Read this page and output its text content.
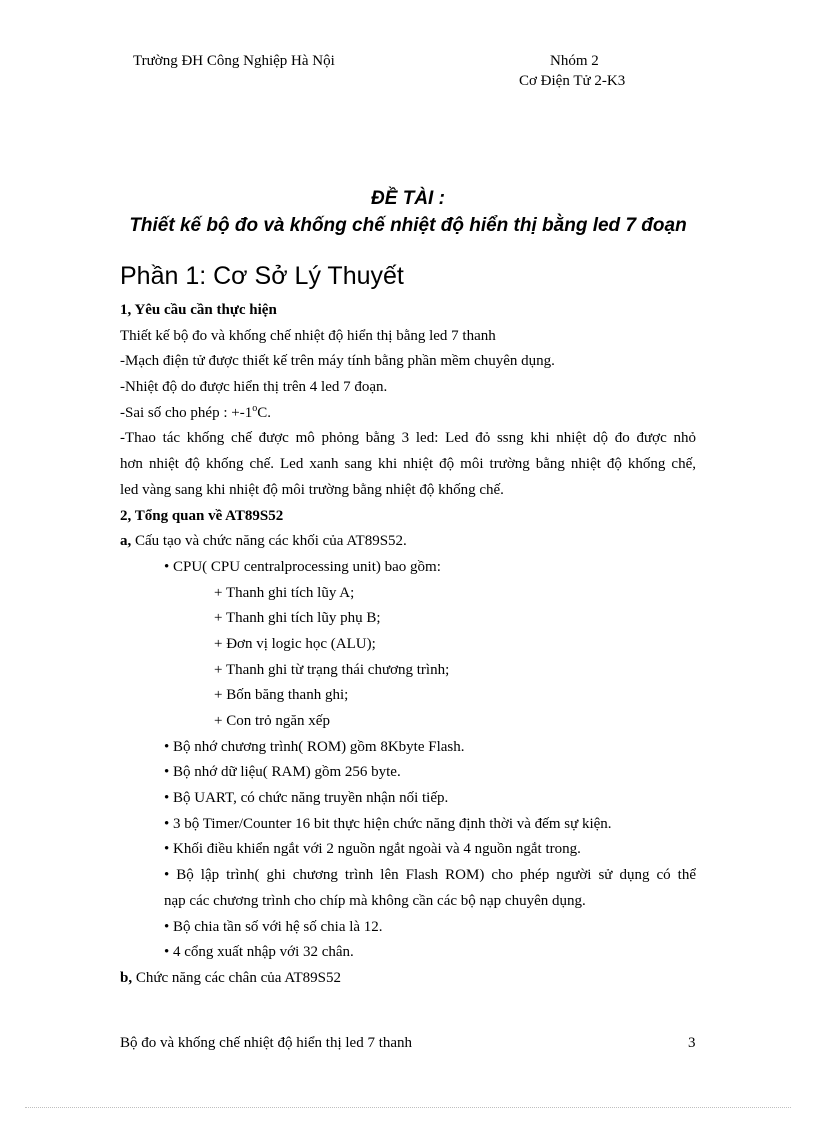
Trường ĐH Công Nghiệp Hà Nội	Nhóm 2
Cơ Điện Tử 2-K3
ĐỀ TÀI :
Thiết kế bộ đo và khống chế nhiệt độ hiển thị bằng led 7 đoạn
Phần 1: Cơ Sở Lý Thuyết
1, Yêu cầu cần thực hiện
Thiết kế bộ đo và khống chế nhiệt độ hiển thị bằng led 7 thanh
-Mạch điện tử được thiết kế trên máy tính bằng phần mềm chuyên dụng.
-Nhiệt độ do được hiển thị trên 4 led 7 đoạn.
-Sai số cho phép : $+-1^oC$.
-Thao tác khống chế được mô phỏng bằng 3 led: Led đỏ ssng khi nhiệt dộ đo được nhỏ
hơn nhiệt độ khống chế. Led xanh sang khi nhiệt độ môi trường bằng nhiệt độ khống chế,
led vàng sang khi nhiệt độ môi trường bằng nhiệt độ khống chế.
2, Tổng quan về AT89S52
a, Cấu tạo và chức năng các khối của AT89S52.
• CPU( CPU centralprocessing unit) bao gồm:
+ Thanh ghi tích lũy A;
+ Thanh ghi tích lũy phụ B;
+ Đơn vị logic học (ALU);
+ Thanh ghi từ trạng thái chương trình;
+ Bốn băng thanh ghi;
+ Con trỏ ngăn xếp
• Bộ nhớ chương trình( ROM) gồm 8Kbyte Flash.
• Bộ nhớ dữ liệu( RAM) gồm 256 byte.
• Bộ UART, có chức năng truyền nhận nối tiếp.
• 3 bộ Timer/Counter 16 bit thực hiện chức năng định thời và đếm sự kiện.
• Khối điều khiển ngắt với 2 nguồn ngắt ngoài và 4 nguồn ngắt trong.
• Bộ lập trình( ghi chương trình lên Flash ROM) cho phép người sử dụng có thể
nạp các chương trình cho chíp mà không cần các bộ nạp chuyên dụng.
• Bộ chia tần số với hệ số chia là 12.
• 4 cổng xuất nhập với 32 chân.
b, Chức năng các chân của AT89S52
Bộ đo và khống chế nhiệt độ hiển thị led 7 thanh	3
